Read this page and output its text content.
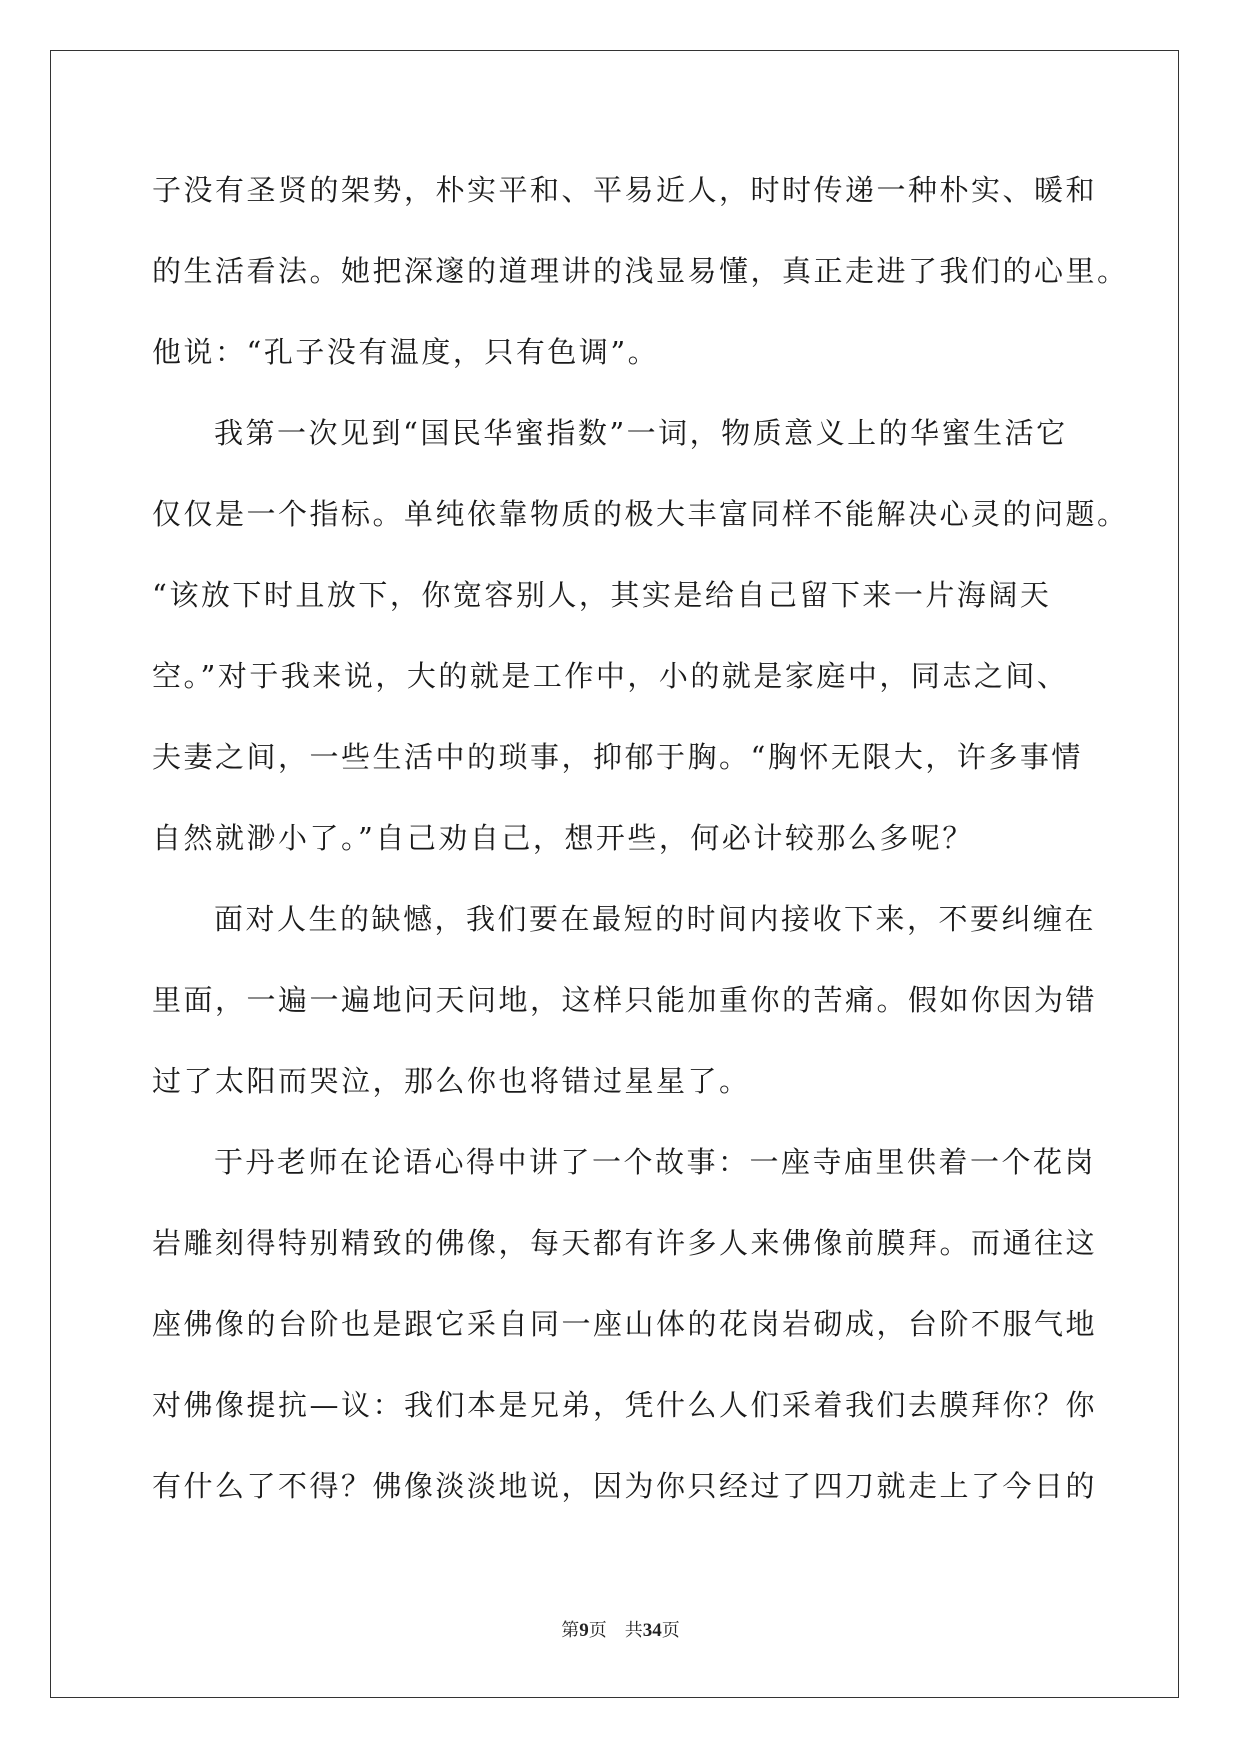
子没有圣贤的架势，朴实平和、平易近人，时时传递一种朴实、暖和
的生活看法。她把深邃的道理讲的浅显易懂，真正走进了我们的心里。
他说：“孔子没有温度，只有色调”。
我第一次见到“国民华蜜指数”一词，物质意义上的华蜜生活它
仅仅是一个指标。单纯依靠物质的极大丰富同样不能解决心灵的问题。
“该放下时且放下，你宽容别人，其实是给自己留下来一片海阔天
空。”对于我来说，大的就是工作中，小的就是家庭中，同志之间、
夫妻之间，一些生活中的琐事，抑郁于胸。“胸怀无限大，许多事情
自然就渺小了。”自己劝自己，想开些，何必计较那么多呢？
面对人生的缺憾，我们要在最短的时间内接收下来，不要纠缠在
里面，一遍一遍地问天问地，这样只能加重你的苦痛。假如你因为错
过了太阳而哭泣，那么你也将错过星星了。
于丹老师在论语心得中讲了一个故事：一座寺庙里供着一个花岗
岩雕刻得特别精致的佛像，每天都有许多人来佛像前膜拜。而通往这
座佛像的台阶也是跟它采自同一座山体的花岗岩砌成，台阶不服气地
对佛像提抗—议：我们本是兄弟，凭什么人们采着我们去膜拜你？你
有什么了不得？佛像淡淡地说，因为你只经过了四刀就走上了今日的
第9页 共34页
